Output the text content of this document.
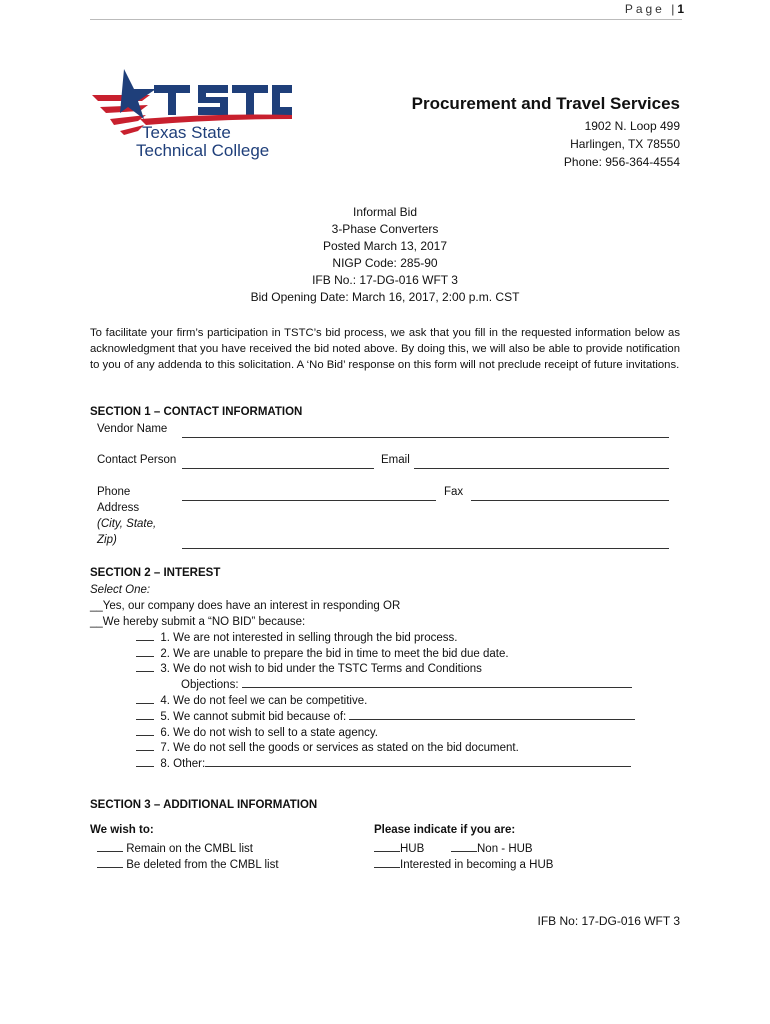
Page |1
Texas State
Technical College
Procurement and Travel Services
1902 N. Loop 499
Harlingen, TX 78550
Phone: 956-364-4554
Informal Bid
3-Phase Converters
Posted March 13, 2017
NIGP Code: 285-90
IFB No.: 17-DG-016 WFT 3
Bid Opening Date: March 16, 2017, 2:00 p.m. CST
To facilitate your firm’s participation in TSTC’s bid process, we ask that you fill in the requested information below as acknowledgment that you have received the bid noted above. By doing this, we will also be able to provide notification to you of any addenda to this solicitation. A ‘No Bid’ response on this form will not preclude receipt of future invitations.
SECTION 1 – CONTACT INFORMATION
Vendor Name
Contact Person	Email
Phone	Fax
Address
(City, State,
Zip)
SECTION 2 – INTEREST
Select One:
__Yes, our company does have an interest in responding OR
__We hereby submit a “NO BID” because:
1. We are not interested in selling through the bid process.
2. We are unable to prepare the bid in time to meet the bid due date.
3. We do not wish to bid under the TSTC Terms and Conditions
Objections:
4. We do not feel we can be competitive.
5. We cannot submit bid because of:
6. We do not wish to sell to a state agency.
7. We do not sell the goods or services as stated on the bid document.
8. Other:
SECTION 3 – ADDITIONAL INFORMATION
We wish to:
Remain on the CMBL list
Be deleted from the CMBL list
Please indicate if you are:
HUB	Non - HUB
Interested in becoming a HUB
IFB No: 17-DG-016 WFT 3
